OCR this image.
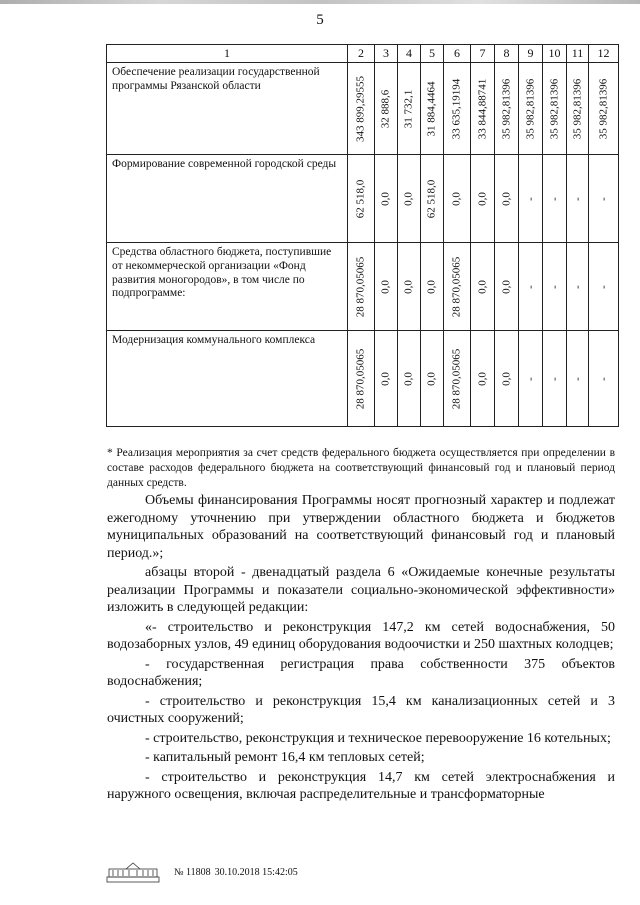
5
1	2	3	4	5	6	7	8	9	10	11	12
Обеспечение реализации государственной программы Рязанской области	343 899,29555	32 888,6	31 732,1	31 884,4464	33 635,19194	33 844,88741	35 982,81396	35 982,81396	35 982,81396	35 982,81396	35 982,81396

Формирование современной городской среды	62 518,0	0,0	0,0	62 518,0	0,0	0,0	0,0	-	-	-	-

Средства областного бюджета, поступившие от некоммерческой организации «Фонд развития моногородов», в том числе по подпрограмме:	28 870,05065	0,0	0,0	0,0	28 870,05065	0,0	0,0	-	-	-	-

Модернизация коммунального комплекса	28 870,05065	0,0	0,0	0,0	28 870,05065	0,0	0,0	-	-	-	-
* Реализация мероприятия за счет средств федерального бюджета осуществляется при определении в составе расходов федерального бюджета на соответствующий финансовый год и плановый период данных средств.

Объемы финансирования Программы носят прогнозный характер и подлежат ежегодному уточнению при утверждении областного бюджета и бюджетов муниципальных образований на соответствующий финансовый год и плановый период.»;

абзацы второй - двенадцатый раздела 6 «Ожидаемые конечные результаты реализации Программы и показатели социально-экономической эффективности» изложить в следующей редакции:

«- строительство и реконструкция 147,2 км сетей водоснабжения, 50 водозаборных узлов, 49 единиц оборудования водоочистки и 250 шахтных колодцев;

- государственная регистрация права собственности 375 объектов водоснабжения;

- строительство и реконструкция 15,4 км канализационных сетей и 3 очистных сооружений;

- строительство, реконструкция и техническое перевооружение 16 котельных;

- капитальный ремонт 16,4 км тепловых сетей;

- строительство и реконструкция 14,7 км сетей электроснабжения и наружного освещения, включая распределительные и трансформаторные

№ 11808 30.10.2018 15:42:05
